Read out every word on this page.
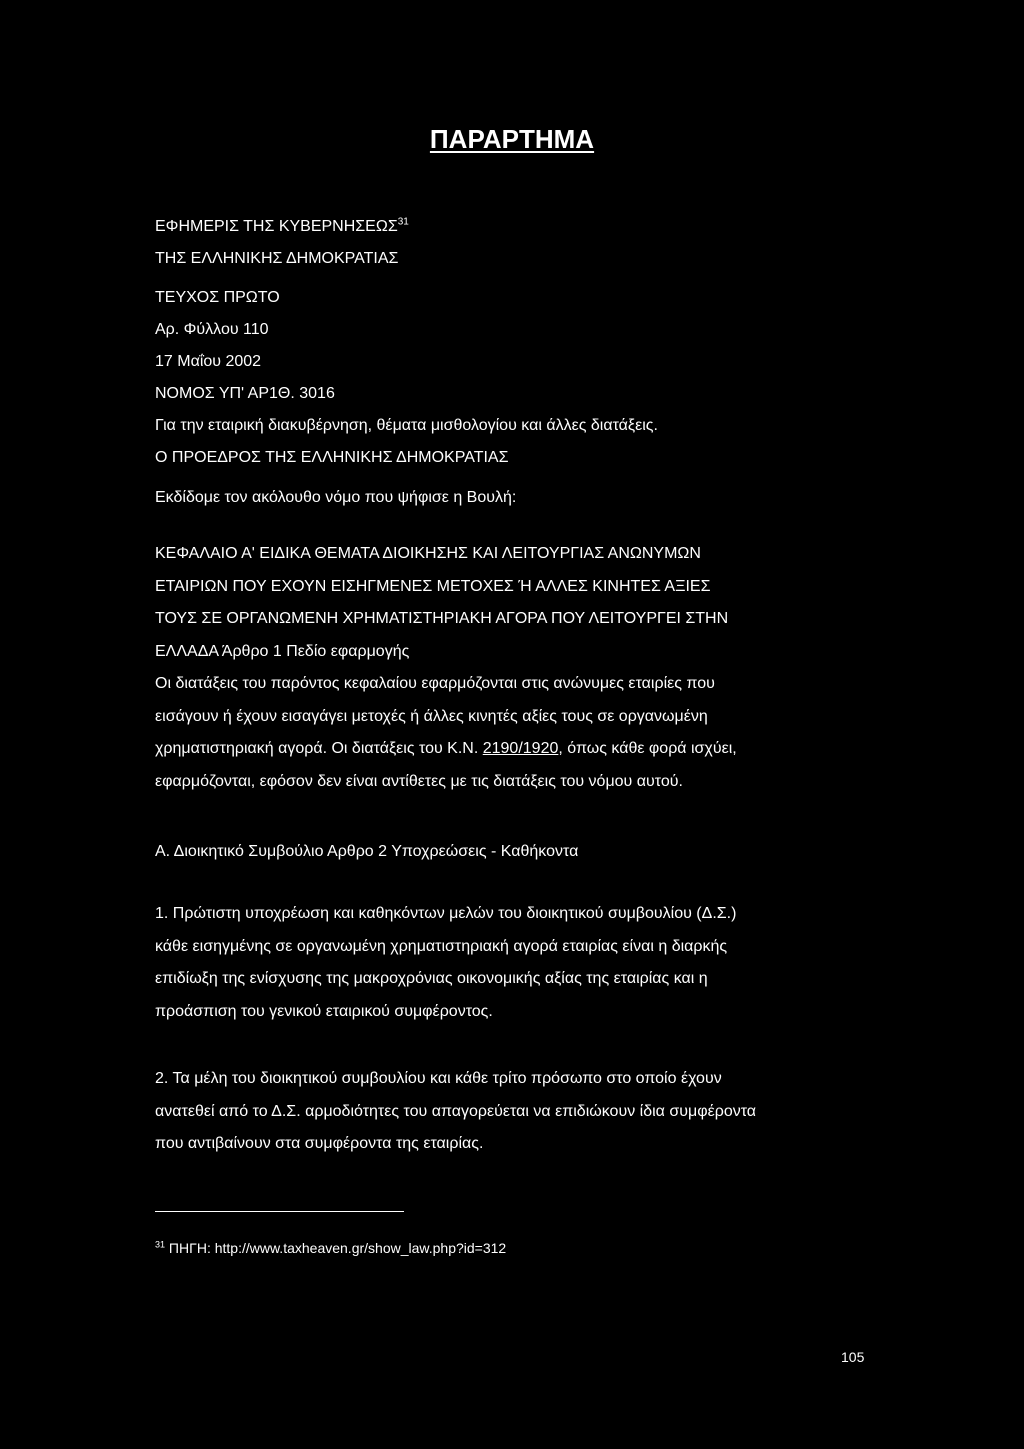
ΠΑΡΑΡΤΗΜΑ
ΕΦΗΜΕΡΙΣ ΤΗΣ ΚΥΒΕΡΝΗΣΕΩΣ$^{31}$
ΤΗΣ ΕΛΛΗΝΙΚΗΣ ΔΗΜΟΚΡΑΤΙΑΣ
ΤΕΥΧΟΣ ΠΡΩΤΟ
Αρ. Φύλλου 110
17 Μαΐου 2002
ΝΟΜΟΣ ΥΠ' ΑΡ1Θ. 3016
Για την εταιρική διακυβέρνηση, θέματα μισθολογίου και άλλες διατάξεις.
Ο ΠΡΟΕΔΡΟΣ ΤΗΣ ΕΛΛΗΝΙΚΗΣ ΔΗΜΟΚΡΑΤΙΑΣ
Εκδίδομε τον ακόλουθο νόμο που ψήφισε η Βουλή:
ΚΕΦΑΛΑΙΟ Α' ΕΙΔΙΚΑ ΘΕΜΑΤΑ ΔΙΟΙΚΗΣΗΣ ΚΑΙ ΛΕΙΤΟΥΡΓΙΑΣ ΑΝΩΝΥΜΩΝ
ΕΤΑΙΡΙΩΝ ΠΟΥ ΕΧΟΥΝ ΕΙΣΗΓΜΕΝΕΣ ΜΕΤΟΧΕΣ Ή ΑΛΛΕΣ ΚΙΝΗΤΕΣ ΑΞΙΕΣ
ΤΟΥΣ ΣΕ ΟΡΓΑΝΩΜΕΝΗ ΧΡΗΜΑΤΙΣΤΗΡΙΑΚΗ ΑΓΟΡΑ ΠΟΥ ΛΕΙΤΟΥΡΓΕΙ ΣΤΗΝ
ΕΛΛΑΔΑ Άρθρο 1 Πεδίο εφαρμογής
Οι διατάξεις του παρόντος κεφαλαίου εφαρμόζονται στις ανώνυμες εταιρίες που
εισάγουν ή έχουν εισαγάγει μετοχές ή άλλες κινητές αξίες τους σε οργανωμένη
χρηματιστηριακή αγορά. Οι διατάξεις του Κ.Ν. 2190/1920, όπως κάθε φορά ισχύει,
εφαρμόζονται, εφόσον δεν είναι αντίθετες με τις διατάξεις του νόμου αυτού.
Α. Διοικητικό Συμβούλιο Αρθρο 2 Υποχρεώσεις - Καθήκοντα
1. Πρώτιστη υποχρέωση και καθηκόντων μελών του διοικητικού συμβουλίου (Δ.Σ.)
κάθε εισηγμένης σε οργανωμένη χρηματιστηριακή αγορά εταιρίας είναι η διαρκής
επιδίωξη της ενίσχυσης της μακροχρόνιας οικονομικής αξίας της εταιρίας και η
προάσπιση του γενικού εταιρικού συμφέροντος.
2. Τα μέλη του διοικητικού συμβουλίου και κάθε τρίτο πρόσωπο στο οποίο έχουν
ανατεθεί από το Δ.Σ. αρμοδιότητες του απαγορεύεται να επιδιώκουν ίδια συμφέροντα
που αντιβαίνουν στα συμφέροντα της εταιρίας.
$^{31}$ ΠΗΓΗ: http://www.taxheaven.gr/show_law.php?id=312
105
